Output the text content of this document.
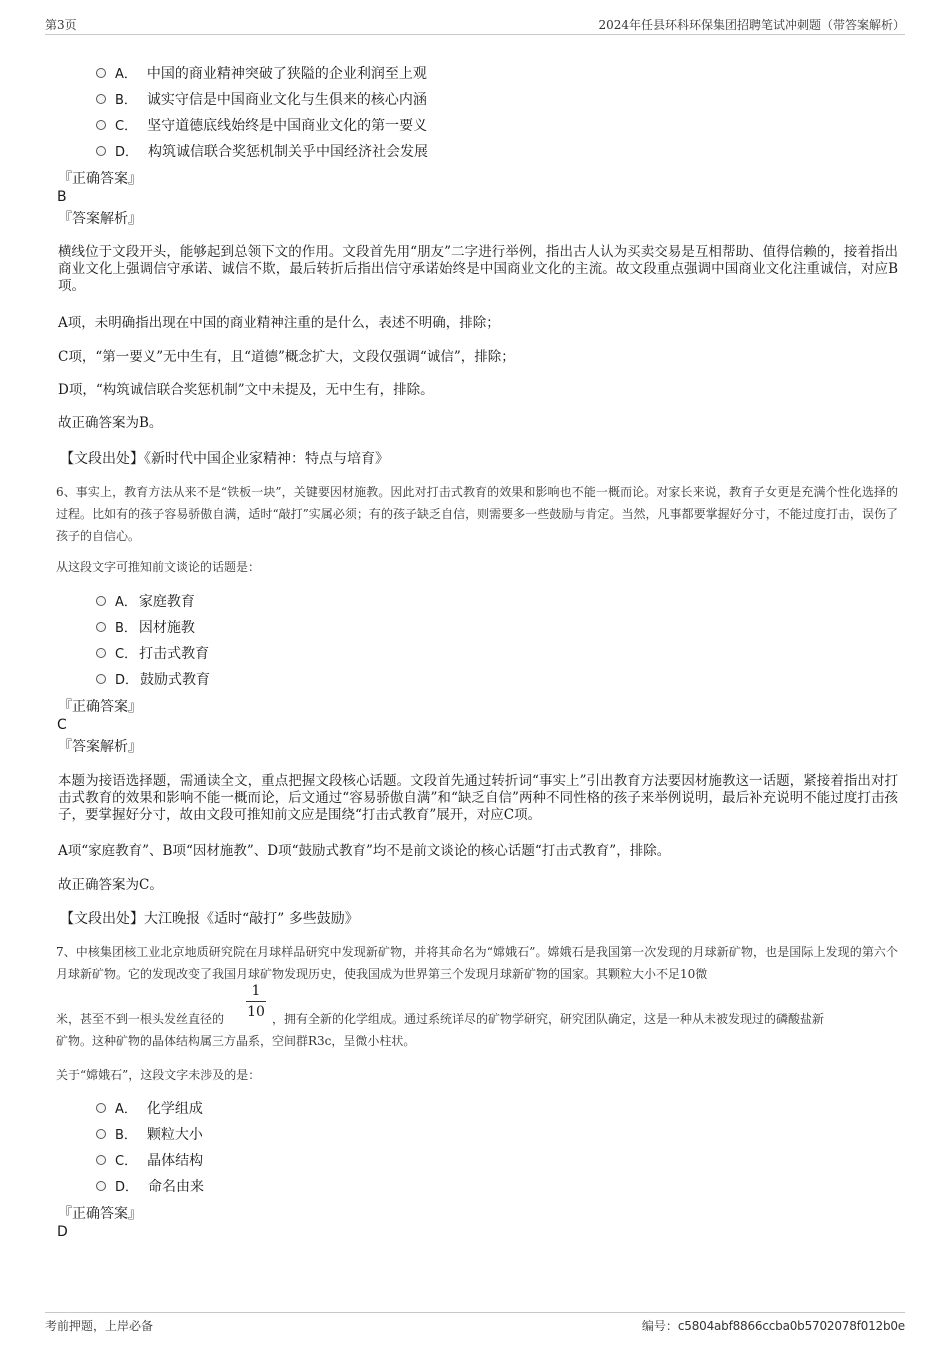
第3页	2024年任县环科环保集团招聘笔试冲刺题（带答案解析）
A． 中国的商业精神突破了狭隘的企业利润至上观
B． 诚实守信是中国商业文化与生俱来的核心内涵
C． 坚守道德底线始终是中国商业文化的第一要义
D． 构筑诚信联合奖惩机制关乎中国经济社会发展
『正确答案』
B
『答案解析』
横线位于文段开头，能够起到总领下文的作用。文段首先用“朋友”二字进行举例，指出古人认为买卖交易是互相帮助、值得信赖的，接着指出商业文化上强调信守承诺、诚信不欺，最后转折后指出信守承诺始终是中国商业文化的主流。故文段重点强调中国商业文化注重诚信，对应B项。
A项，未明确指出现在中国的商业精神注重的是什么，表述不明确，排除；
C项，“第一要义”无中生有，且“道德”概念扩大，文段仅强调“诚信”，排除；
D项，“构筑诚信联合奖惩机制”文中未提及，无中生有，排除。
故正确答案为B。
【文段出处】《新时代中国企业家精神：特点与培育》
6、事实上，教育方法从来不是“铁板一块”，关键要因材施教。因此对打击式教育的效果和影响也不能一概而论。对家长来说，教育子女更是充满个性化选择的过程。比如有的孩子容易骄傲自满，适时“敲打”实属必须；有的孩子缺乏自信，则需要多一些鼓励与肯定。当然，凡事都要掌握好分寸，不能过度打击，误伤了孩子的自信心。
从这段文字可推知前文谈论的话题是：
A． 家庭教育
B． 因材施教
C． 打击式教育
D． 鼓励式教育
『正确答案』
C
『答案解析』
本题为接语选择题，需通读全文，重点把握文段核心话题。文段首先通过转折词“事实上”引出教育方法要因材施教这一话题，紧接着指出对打击式教育的效果和影响不能一概而论，后文通过“容易骄傲自满”和“缺乏自信”两种不同性格的孩子来举例说明，最后补充说明不能过度打击孩子，要掌握好分寸，故由文段可推知前文应是围绕“打击式教育”展开，对应C项。
A项“家庭教育”、B项“因材施教”、D项“鼓励式教育”均不是前文谈论的核心话题“打击式教育”，排除。
故正确答案为C。
【文段出处】大江晚报《适时“敲打” 多些鼓励》
7、中核集团核工业北京地质研究院在月球样品研究中发现新矿物，并将其命名为“嫦娥石”。嫦娥石是我国第一次发现的月球新矿物，也是国际上发现的第六个月球新矿物。它的发现改变了我国月球矿物发现历史，使我国成为世界第三个发现月球新矿物的国家。其颗粒大小不足10微
米，甚至不到一根头发丝直径的
1
10 ，拥有全新的化学组成。通过系统详尽的矿物学研究，研究团队确定，这是一种从未被发现过的磷酸盐新
矿物。这种矿物的晶体结构属三方晶系，空间群R3c，呈微小柱状。
关于“嫦娥石”，这段文字未涉及的是：
A． 化学组成
B． 颗粒大小
C． 晶体结构
D． 命名由来
『正确答案』
D
考前押题，上岸必备	编号：c5804abf8866ccba0b5702078f012b0e
